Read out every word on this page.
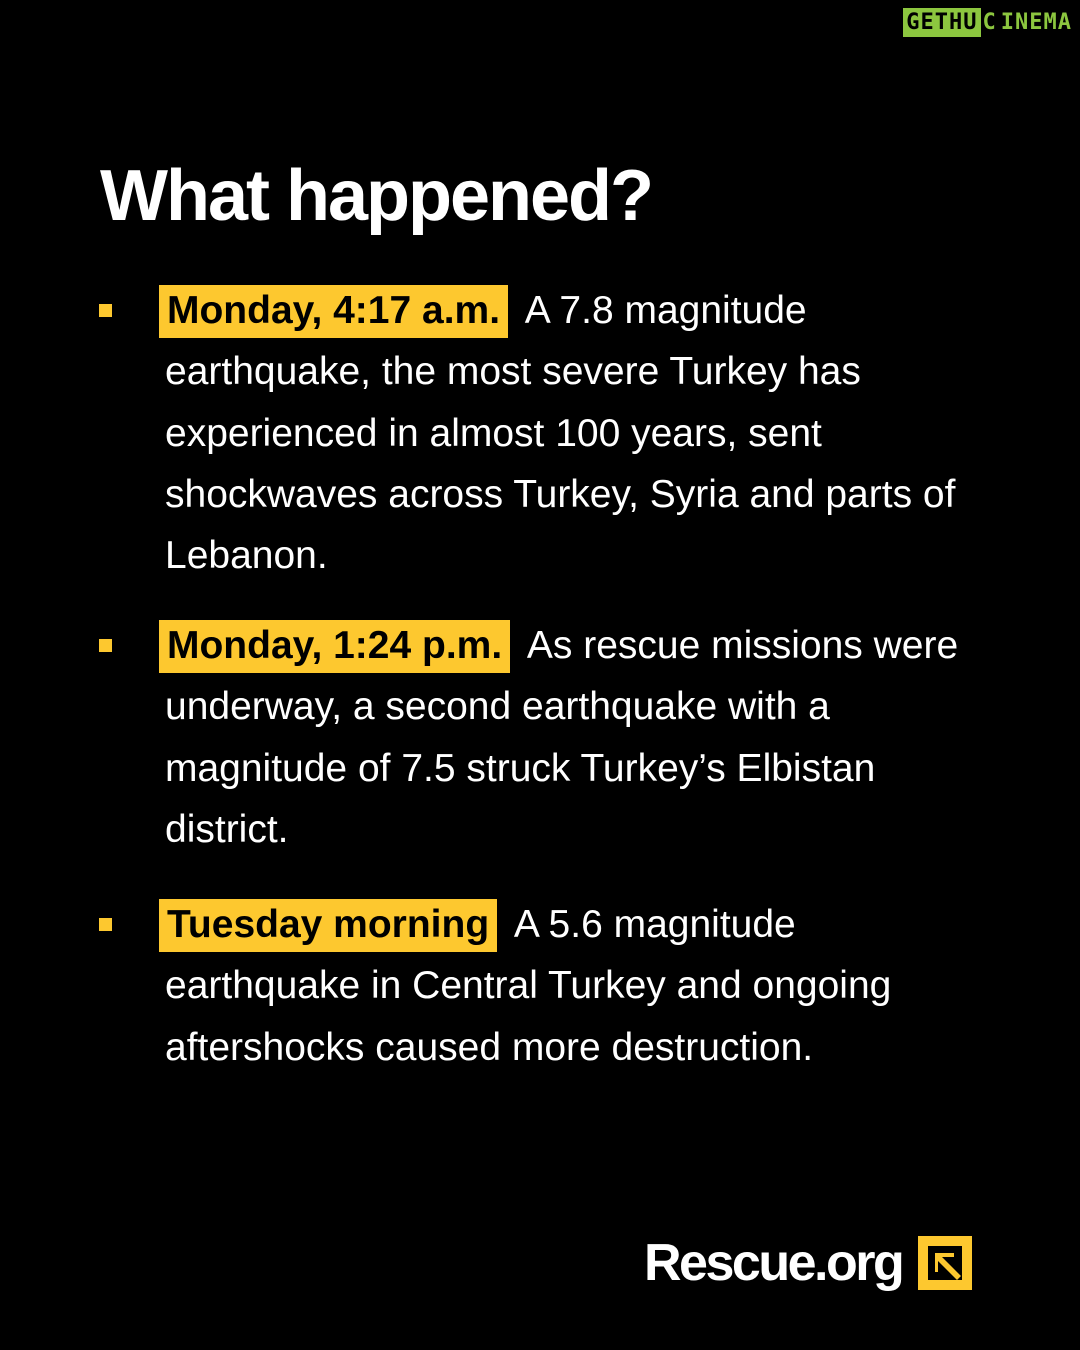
GETHU C INEMA
What happened?

Monday, 4:17 a.m. A 7.8 magnitude earthquake, the most severe Turkey has experienced in almost 100 years, sent shockwaves across Turkey, Syria and parts of Lebanon.

Monday, 1:24 p.m. As rescue missions were underway, a second earthquake with a magnitude of 7.5 struck Turkey’s Elbistan district.

Tuesday morning A 5.6 magnitude earthquake in Central Turkey and ongoing aftershocks caused more destruction.

Rescue.org
